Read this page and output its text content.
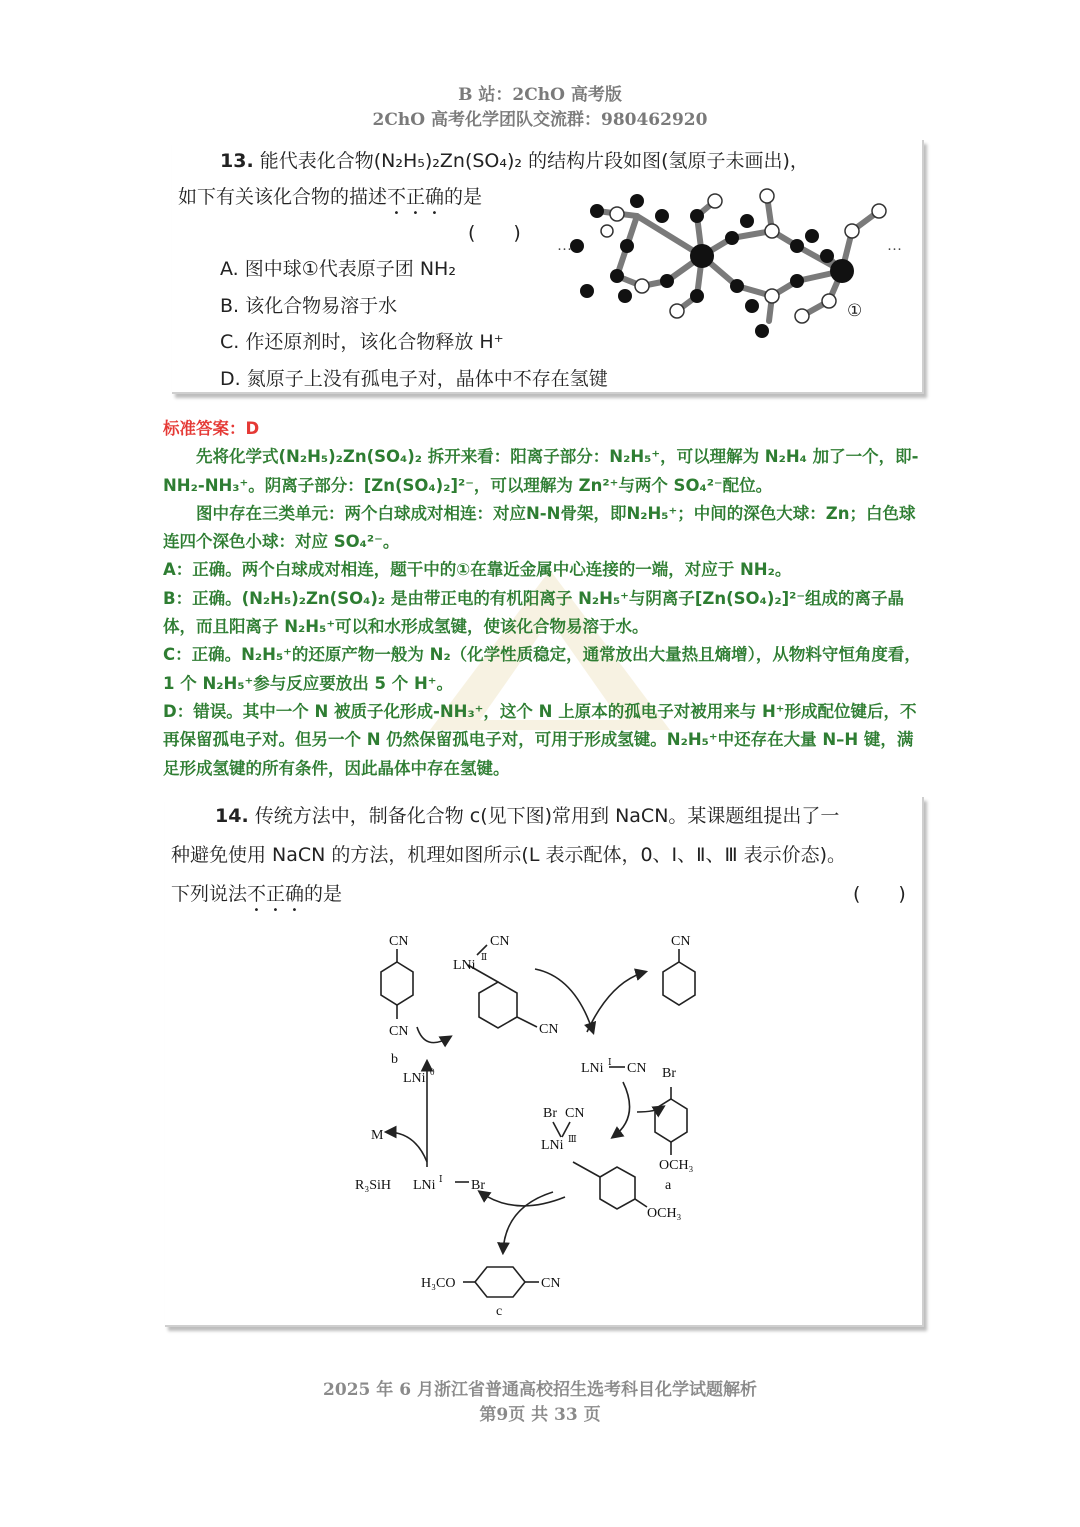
B 站：2ChO 高考版
2ChO 高考化学团队交流群：980462920
13. 能代表化合物(N₂H₅)₂Zn(SO₄)₂ 的结构片段如图(氢原子未画出)，
如下有关该化合物的描述不正确的是
(　　)
A. 图中球①代表原子团 NH₂
B. 该化合物易溶于水
C. 作还原剂时，该化合物释放 H⁺
D. 氮原子上没有孤电子对，晶体中不存在氢键
①
···	···

标准答案：D

先将化学式(N₂H₅)₂Zn(SO₄)₂ 拆开来看：阳离子部分：N₂H₅⁺，可以理解为 N₂H₄ 加了一个，即-NH₂-NH₃⁺。阴离子部分：[Zn(SO₄)₂]²⁻，可以理解为 Zn²⁺与两个 SO₄²⁻配位。

图中存在三类单元：两个白球成对相连：对应N-N骨架，即N₂H₅⁺；中间的深色大球：Zn；白色球连四个深色小球：对应 SO₄²⁻。

A：正确。两个白球成对相连，题干中的①在靠近金属中心连接的一端，对应于 NH₂。

B：正确。(N₂H₅)₂Zn(SO₄)₂ 是由带正电的有机阳离子 N₂H₅⁺与阴离子[Zn(SO₄)₂]²⁻组成的离子晶体，而且阳离子 N₂H₅⁺可以和水形成氢键，使该化合物易溶于水。

C：正确。N₂H₅⁺的还原产物一般为 N₂（化学性质稳定，通常放出大量热且熵增），从物料守恒角度看，1 个 N₂H₅⁺参与反应要放出 5 个 H⁺。

D：错误。其中一个 N 被质子化形成-NH₃⁺，这个 N 上原本的孤电子对被用来与 H⁺形成配位键后，不再保留孤电子对。但另一个 N 仍然保留孤电子对，可用于形成氢键。N₂H₅⁺中还存在大量 N–H 键，满足形成氢键的所有条件，因此晶体中存在氢键。

14. 传统方法中，制备化合物 c(见下图)常用到 NaCN。某课题组提出了一
种避免使用 NaCN 的方法，机理如图所示(L 表示配体，0、Ⅰ、Ⅱ、Ⅲ 表示价态)。
下列说法不正确的是	(　　)
CN
CN
b
CN
LNi
Ⅱ
CN
CN
LNi 0	LNi Ⅰ CN Br
OCH₃
a
Br CN
LNi Ⅲ
OCH₃
M
R₃SiH LNi Ⅰ Br
H₃CO	CN
c
2025 年 6 月浙江省普通高校招生选考科目化学试题解析
第9页 共 33 页
